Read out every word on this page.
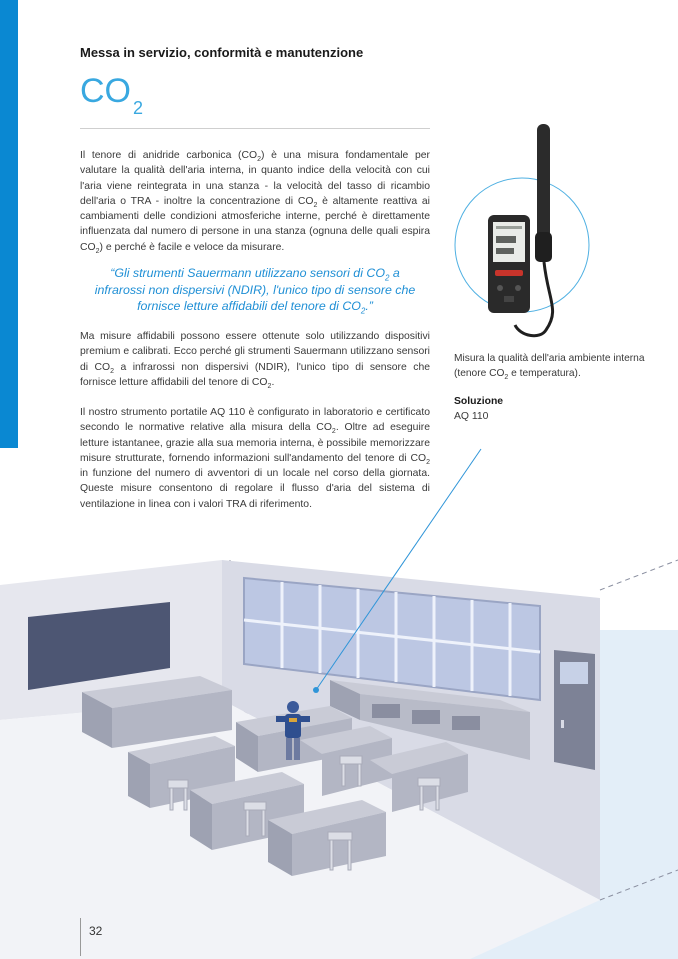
Messa in servizio, conformità e manutenzione
CO $_2$
Il tenore di anidride carbonica $(CO_2)$ è una misura fondamentale per valutare la qualità dell'aria interna, in quanto indice della velocità con cui l'aria viene reintegrata in una stanza - la velocità del tasso di ricambio dell'aria o TRA - inoltre la concentrazione di $CO_2$ è altamente reattiva ai cambiamenti delle condizioni atmosferiche interne, perché è direttamente influenzata dal numero di persone in una stanza (ognuna delle quali espira $CO_2$) e perché è facile e veloce da misurare.
“Gli strumenti Sauermann utilizzano sensori di $CO_2$ a infrarossi non dispersivi (NDIR), l'unico tipo di sensore che fornisce letture affidabili del tenore di $CO_2$.”
Ma misure affidabili possono essere ottenute solo utilizzando dispositivi premium e calibrati. Ecco perché gli strumenti Sauermann utilizzano sensori di $CO_2$ a infrarossi non dispersivi (NDIR), l'unico tipo di sensore che fornisce letture affidabili del tenore di $CO_2$.
Il nostro strumento portatile AQ 110 è configurato in laboratorio e certificato secondo le normative relative alla misura della $CO_2$. Oltre ad eseguire letture istantanee, grazie alla sua memoria interna, è possibile memorizzare misure strutturate, fornendo informazioni sull'andamento del tenore di $CO_2$ in funzione del numero di avventori di un locale nel corso della giornata. Queste misure consentono di regolare il flusso d'aria del sistema di ventilazione in linea con i valori TRA di riferimento.
Misura la qualità dell'aria ambiente interna (tenore $CO_2$ e temperatura).
Soluzione
AQ 110
32
